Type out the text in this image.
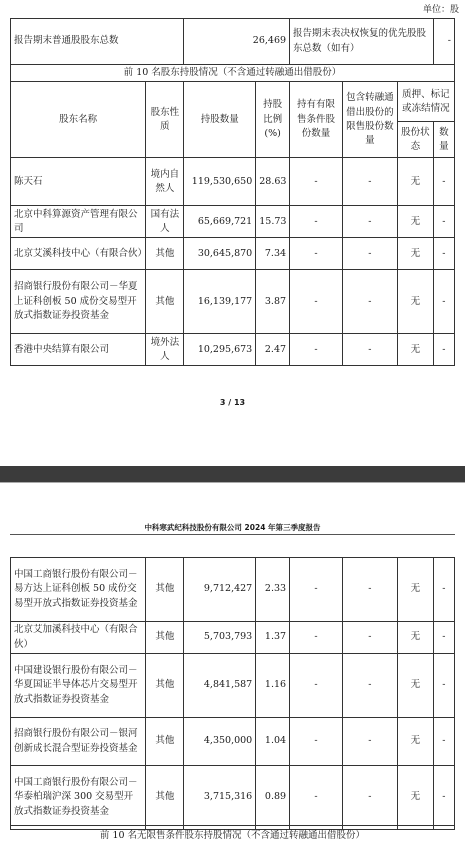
单位：股
报告期末普通股股东总数		26,469		报告期末表决权恢复的优先股股东总数（如有）			-
前 10 名股东持股情况（不含通过转融通出借股份）							
股东名称	股东性质	持股数量	持股比例(%)	持有有限售条件股份数量	包含转融通借出股份的限售股份数量	质押、标记或冻结情况	
						股份状态	数量
陈天石	境内自然人	119,530,650	28.63	-	-	无	-
北京中科算源资产管理有限公司	国有法人	65,669,721	15.73	-	-	无	-
北京艾溪科技中心（有限合伙）	其他	30,645,870	7.34	-	-	无	-
招商银行股份有限公司－华夏上证科创板 50 成份交易型开放式指数证券投资基金	其他	16,139,177	3.87	-	-	无	-
香港中央结算有限公司	境外法人	10,295,673	2.47	-	-	无	-
3 / 13
中科寒武纪科技股份有限公司 2024 年第三季度报告
中国工商银行股份有限公司－易方达上证科创板 50 成份交易型开放式指数证券投资基金	其他	9,712,427	2.33	-	-	无	-
北京艾加溪科技中心（有限合伙）	其他	5,703,793	1.37	-	-	无	-
中国建设银行股份有限公司－华夏国证半导体芯片交易型开放式指数证券投资基金	其他	4,841,587	1.16	-	-	无	-
招商银行股份有限公司－银河创新成长混合型证券投资基金	其他	4,350,000	1.04	-	-	无	-
中国工商银行股份有限公司－华泰柏瑞沪深 300 交易型开放式指数证券投资基金	其他	3,715,316	0.89	-	-	无	-
前 10 名无限售条件股东持股情况（不含通过转融通出借股份）
